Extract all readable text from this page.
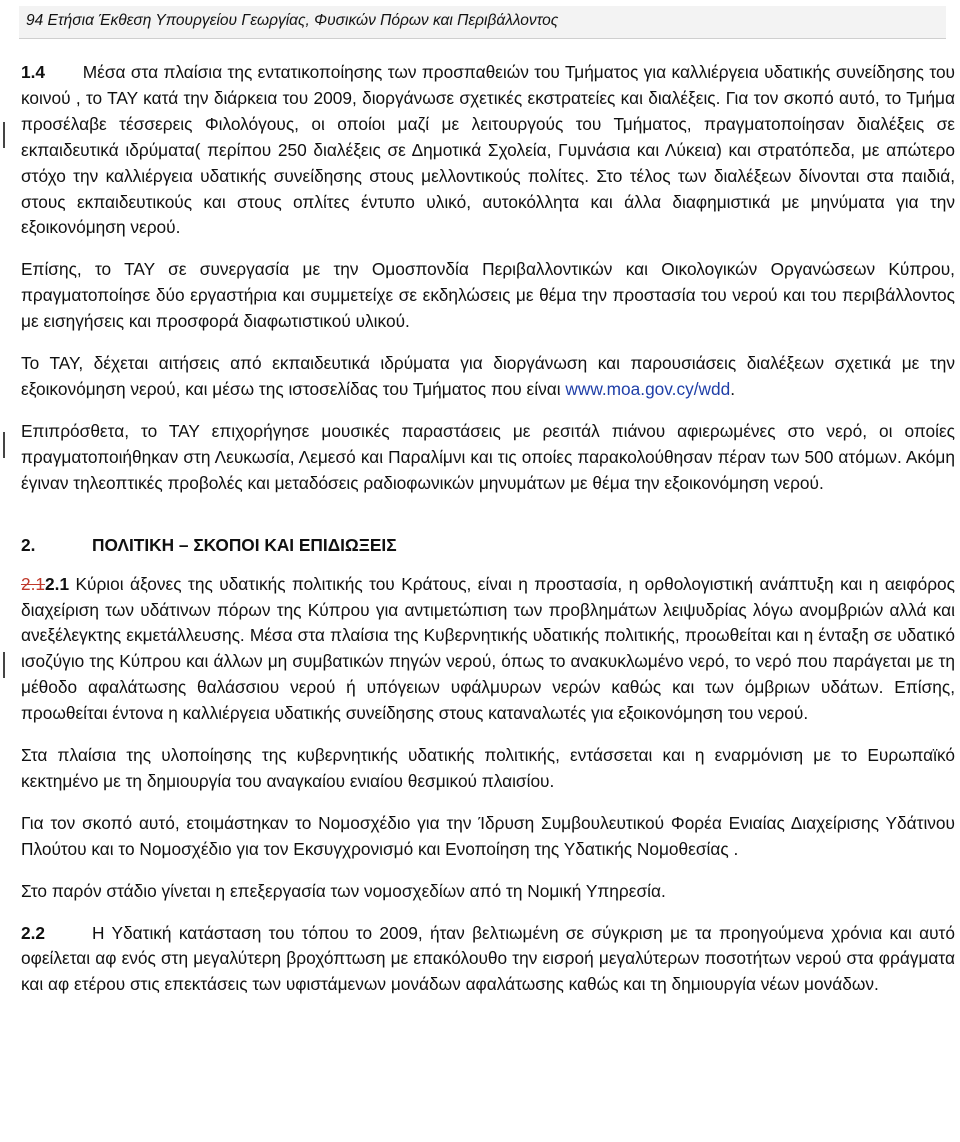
94 Ετήσια Έκθεση Υπουργείου Γεωργίας, Φυσικών Πόρων και Περιβάλλοντος

1.4 Μέσα στα πλαίσια της εντατικοποίησης των προσπαθειών του Τμήματος για καλλιέργεια υδατικής συνείδησης του κοινού , το ΤΑΥ κατά την διάρκεια του 2009, διοργάνωσε σχετικές εκστρατείες και διαλέξεις. Για τον σκοπό αυτό, το Τμήμα προσέλαβε τέσσερεις Φιλολόγους, οι οποίοι μαζί με λειτουργούς του Τμήματος, πραγματοποίησαν διαλέξεις σε εκπαιδευτικά ιδρύματα( περίπου 250 διαλέξεις σε Δημοτικά Σχολεία, Γυμνάσια και Λύκεια) και στρατόπεδα, με απώτερο στόχο την καλλιέργεια υδατικής συνείδησης στους μελλοντικούς πολίτες. Στο τέλος των διαλέξεων δίνονται στα παιδιά, στους εκπαιδευτικούς και στους οπλίτες έντυπο υλικό, αυτοκόλλητα και άλλα διαφημιστικά με μηνύματα για την εξοικονόμηση νερού.

Επίσης, το ΤΑΥ σε συνεργασία με την Ομοσπονδία Περιβαλλοντικών και Οικολογικών Οργανώσεων Κύπρου, πραγματοποίησε δύο εργαστήρια και συμμετείχε σε εκδηλώσεις με θέμα την προστασία του νερού και του περιβάλλοντος με εισηγήσεις και προσφορά διαφωτιστικού υλικού.

Το ΤΑΥ, δέχεται αιτήσεις από εκπαιδευτικά ιδρύματα για διοργάνωση και παρουσιάσεις διαλέξεων σχετικά με την εξοικονόμηση νερού, και μέσω της ιστοσελίδας του Τμήματος που είναι www.moa.gov.cy/wdd.

Επιπρόσθετα, το ΤΑΥ επιχορήγησε μουσικές παραστάσεις με ρεσιτάλ πιάνου αφιερωμένες στο νερό, οι οποίες πραγματοποιήθηκαν στη Λευκωσία, Λεμεσό και Παραλίμνι και τις οποίες παρακολούθησαν πέραν των 500 ατόμων. Ακόμη έγιναν τηλεοπτικές προβολές και μεταδόσεις ραδιοφωνικών μηνυμάτων με θέμα την εξοικονόμηση νερού.

2.	ΠΟΛΙΤΙΚΗ – ΣΚΟΠΟΙ ΚΑΙ ΕΠΙΔΙΩΞΕΙΣ

2.12.1 Κύριοι άξονες της υδατικής πολιτικής του Κράτους, είναι η προστασία, η ορθολογιστική ανάπτυξη και η αειφόρος διαχείριση των υδάτινων πόρων της Κύπρου για αντιμετώπιση των προβλημάτων λειψυδρίας λόγω ανομβριών αλλά και ανεξέλεγκτης εκμετάλλευσης. Μέσα στα πλαίσια της Κυβερνητικής υδατικής πολιτικής, προωθείται και η ένταξη σε υδατικό ισοζύγιο της Κύπρου και άλλων μη συμβατικών πηγών νερού, όπως το ανακυκλωμένο νερό, το νερό που παράγεται με τη μέθοδο αφαλάτωσης θαλάσσιου νερού ή υπόγειων υφάλμυρων νερών καθώς και των όμβριων υδάτων. Επίσης, προωθείται έντονα η καλλιέργεια υδατικής συνείδησης στους καταναλωτές για εξοικονόμηση του νερού.

Στα πλαίσια της υλοποίησης της κυβερνητικής υδατικής πολιτικής, εντάσσεται και η εναρμόνιση με το Ευρωπαϊκό κεκτημένο με τη δημιουργία του αναγκαίου ενιαίου θεσμικού πλαισίου.

Για τον σκοπό αυτό, ετοιμάστηκαν το Νομοσχέδιο για την Ίδρυση Συμβουλευτικού Φορέα Ενιαίας Διαχείρισης Υδάτινου Πλούτου και το Νομοσχέδιο για τον Εκσυγχρονισμό και Ενοποίηση της Υδατικής Νομοθεσίας .

Στο παρόν στάδιο γίνεται η επεξεργασία των νομοσχεδίων από τη Νομική Υπηρεσία.

2.2	Η Υδατική κατάσταση του τόπου το 2009, ήταν βελτιωμένη σε σύγκριση με τα προηγούμενα χρόνια και αυτό οφείλεται αφ ενός στη μεγαλύτερη βροχόπτωση με επακόλουθο την εισροή μεγαλύτερων ποσοτήτων νερού στα φράγματα και αφ ετέρου στις επεκτάσεις των υφιστάμενων μονάδων αφαλάτωσης καθώς και τη δημιουργία νέων μονάδων.
